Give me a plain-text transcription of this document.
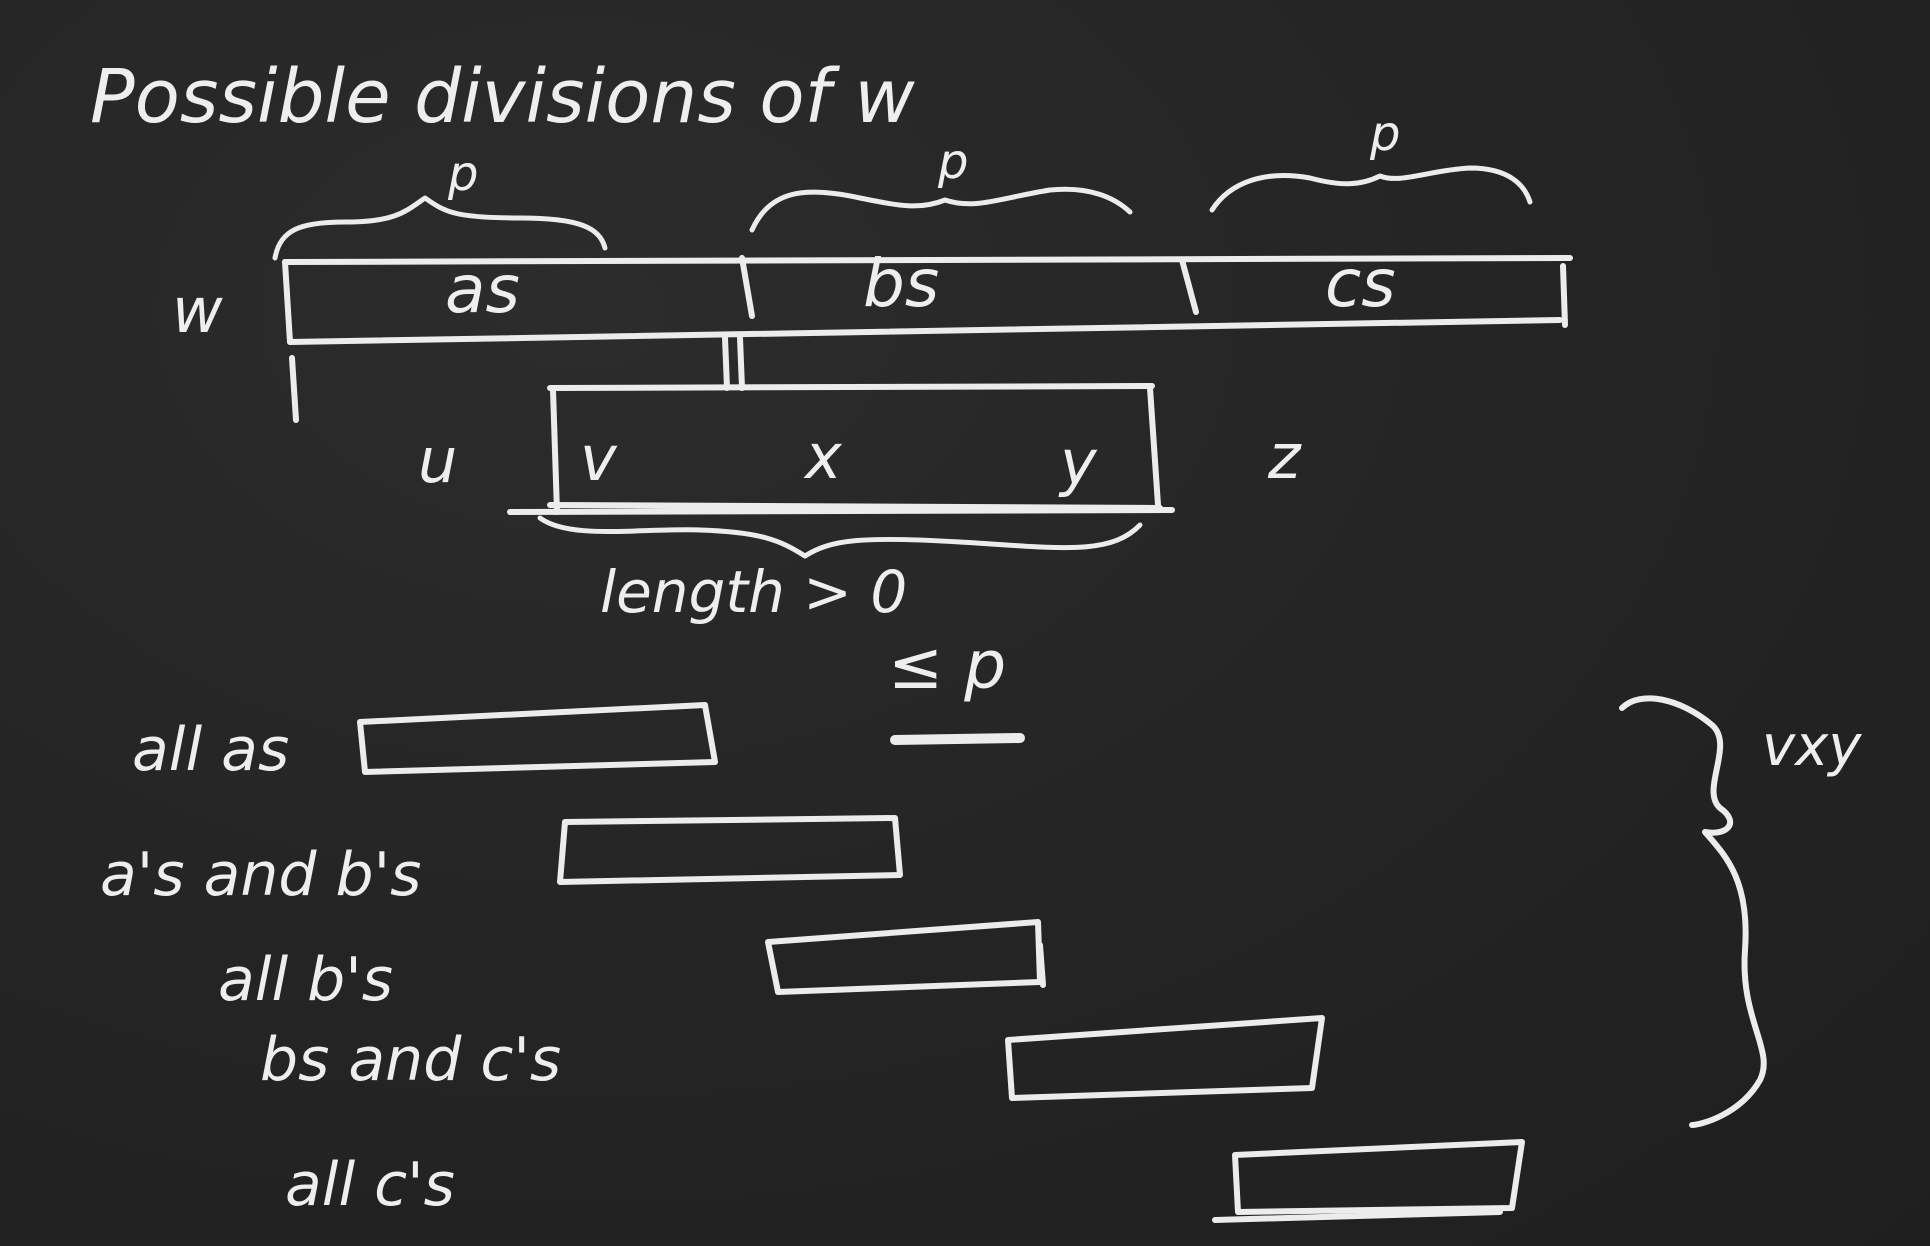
Possible divisions of w
p	p	p
w	as	bs	cs
u v	x	y	z
length > 0
≤ p
all as
a's and b's
all b's
bs and c's
all c's
vxy
